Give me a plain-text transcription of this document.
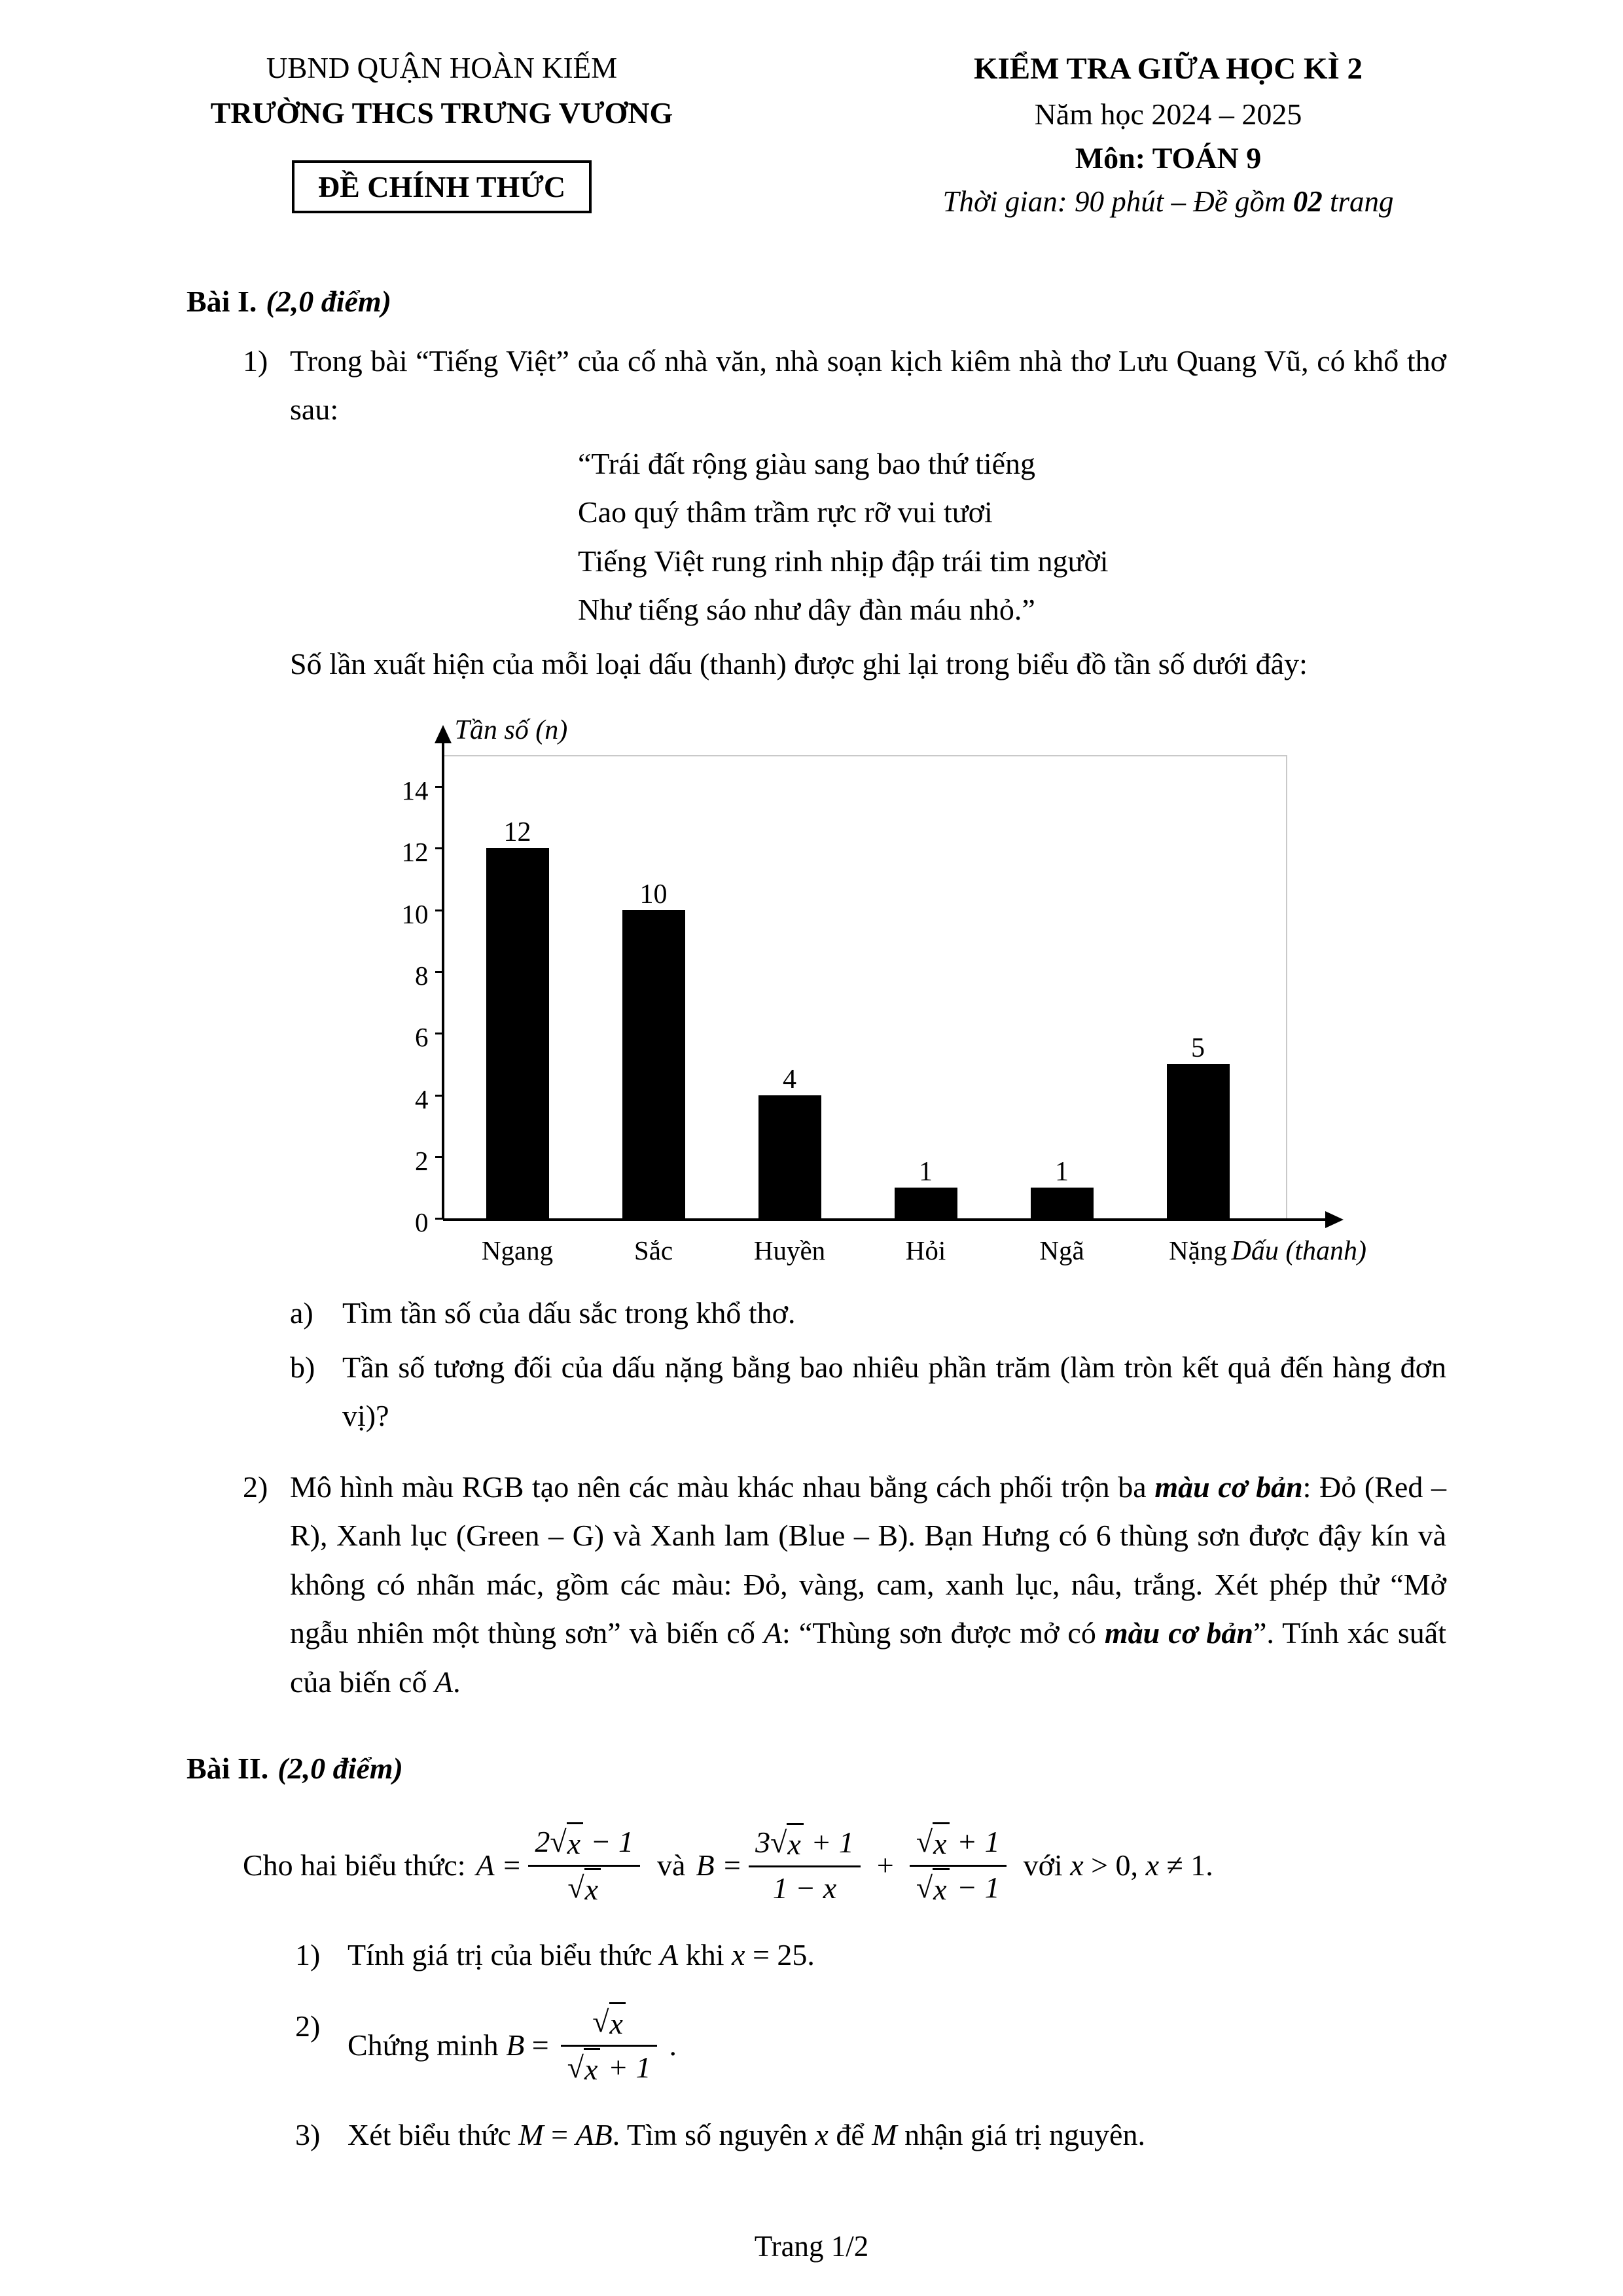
UBND QUẬN HOÀN KIẾM
TRƯỜNG THCS TRƯNG VƯƠNG
ĐỀ CHÍNH THỨC
KIỂM TRA GIỮA HỌC KÌ 2
Năm học 2024 – 2025
Môn: TOÁN 9
Thời gian: 90 phút – Đề gồm 02 trang
Bài I. (2,0 điểm)
1) Trong bài “Tiếng Việt” của cố nhà văn, nhà soạn kịch kiêm nhà thơ Lưu Quang Vũ, có khổ thơ sau:
“Trái đất rộng giàu sang bao thứ tiếng
Cao quý thâm trầm rực rỡ vui tươi
Tiếng Việt rung rinh nhịp đập trái tim người
Như tiếng sáo như dây đàn máu nhỏ.”
Số lần xuất hiện của mỗi loại dấu (thanh) được ghi lại trong biểu đồ tần số dưới đây:
0
2
4
6
8
10
12
14
12
Ngang
10
Sắc
4
Huyền
1
Hỏi
1
Ngã
5
Nặng
Tần số (n)
Dấu (thanh)
a) Tìm tần số của dấu sắc trong khổ thơ.
b) Tần số tương đối của dấu nặng bằng bao nhiêu phần trăm (làm tròn kết quả đến hàng đơn vị)?
2) Mô hình màu RGB tạo nên các màu khác nhau bằng cách phối trộn ba màu cơ bản: Đỏ (Red – R), Xanh lục (Green – G) và Xanh lam (Blue – B). Bạn Hưng có 6 thùng sơn được đậy kín và không có nhãn mác, gồm các màu: Đỏ, vàng, cam, xanh lục, nâu, trắng. Xét phép thử “Mở ngẫu nhiên một thùng sơn” và biến cố A: “Thùng sơn được mở có màu cơ bản”. Tính xác suất của biến cố A.
Bài II. (2,0 điểm)
Cho hai biểu thức: $A = \frac{2 √ x - 1}{√ x}$ và $B = \frac{3 √ x + 1}{1 - x} + \frac{√ x + 1}{√ x - 1}$ với x > 0, x ≠ 1.
1) Tính giá trị của biểu thức A khi x = 25.
2)
Chứng minh $B = \frac{√ x}{√ x + 1}$ .
3) Xét biểu thức M = AB. Tìm số nguyên x để M nhận giá trị nguyên.
Trang 1/2
